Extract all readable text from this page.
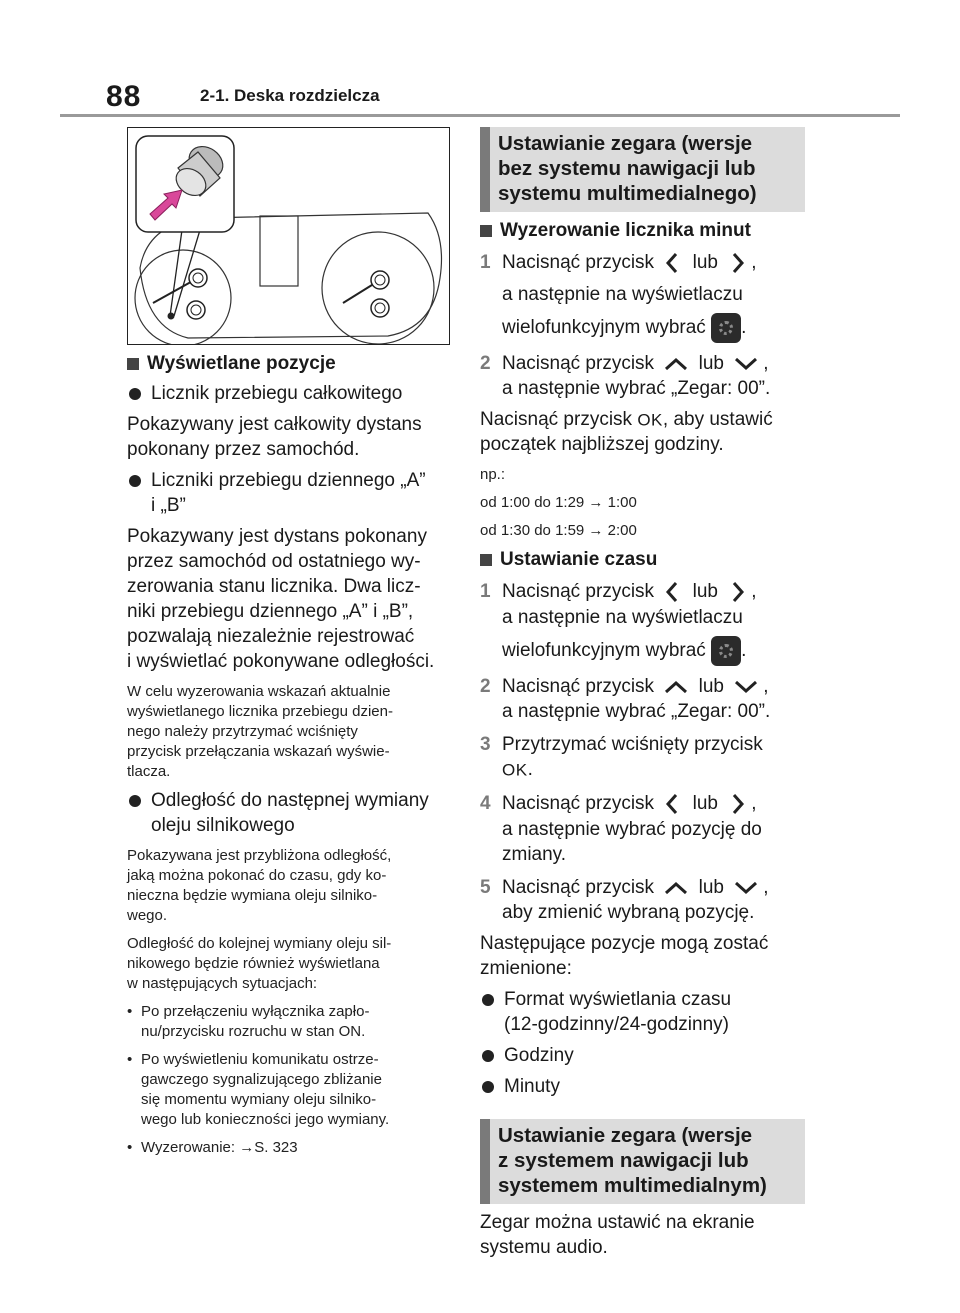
88	2-1. Deska rozdzielcza
Wyświetlane pozycje
Licznik przebiegu całkowitego
Pokazywany jest całkowity dystans
pokonany przez samochód.
Liczniki przebiegu dziennego „A”
i „B”
Pokazywany jest dystans pokonany
przez samochód od ostatniego wy-
zerowania stanu licznika. Dwa licz-
niki przebiegu dziennego „A” i „B”,
pozwalają niezależnie rejestrować
i wyświetlać pokonywane odległości.
W celu wyzerowania wskazań aktualnie
wyświetlanego licznika przebiegu dzien-
nego należy przytrzymać wciśnięty
przycisk przełączania wskazań wyświe-
tlacza.
Odległość do następnej wymiany
oleju silnikowego
Pokazywana jest przybliżona odległość,
jaką można pokonać do czasu, gdy ko-
nieczna będzie wymiana oleju silniko-
wego.
Odległość do kolejnej wymiany oleju sil-
nikowego będzie również wyświetlana
w następujących sytuacjach:
• Po przełączeniu wyłącznika zapło-
nu/przycisku rozruchu w stan ON.
• Po wyświetleniu komunikatu ostrze-
gawczego sygnalizującego zbliżanie
się momentu wymiany oleju silniko-
wego lub konieczności jego wymiany.
• Wyzerowanie: →S. 323
Ustawianie zegara (wersje
bez systemu nawigacji lub
systemu multimedialnego)
Wyzerowanie licznika minut
1 Nacisnąć przycisk lub ,
a następnie na wyświetlaczu
wielofunkcyjnym wybrać .
2 Nacisnąć przycisk lub ,
a następnie wybrać „Zegar: 00”.
Nacisnąć przycisk OK, aby ustawić
początek najbliższej godziny.
np.:
od 1:00 do 1:29 → 1:00
od 1:30 do 1:59 → 2:00
Ustawianie czasu
1 Nacisnąć przycisk lub ,
a następnie na wyświetlaczu
wielofunkcyjnym wybrać .
2 Nacisnąć przycisk lub ,
a następnie wybrać „Zegar: 00”.
3 Przytrzymać wciśnięty przycisk
OK.
4 Nacisnąć przycisk lub ,
a następnie wybrać pozycję do
zmiany.
5 Nacisnąć przycisk lub ,
aby zmienić wybraną pozycję.
Następujące pozycje mogą zostać
zmienione:
Format wyświetlania czasu
(12-godzinny/24-godzinny)
Godziny
Minuty
Ustawianie zegara (wersje
z systemem nawigacji lub
systemem multimedialnym)
Zegar można ustawić na ekranie
systemu audio.
